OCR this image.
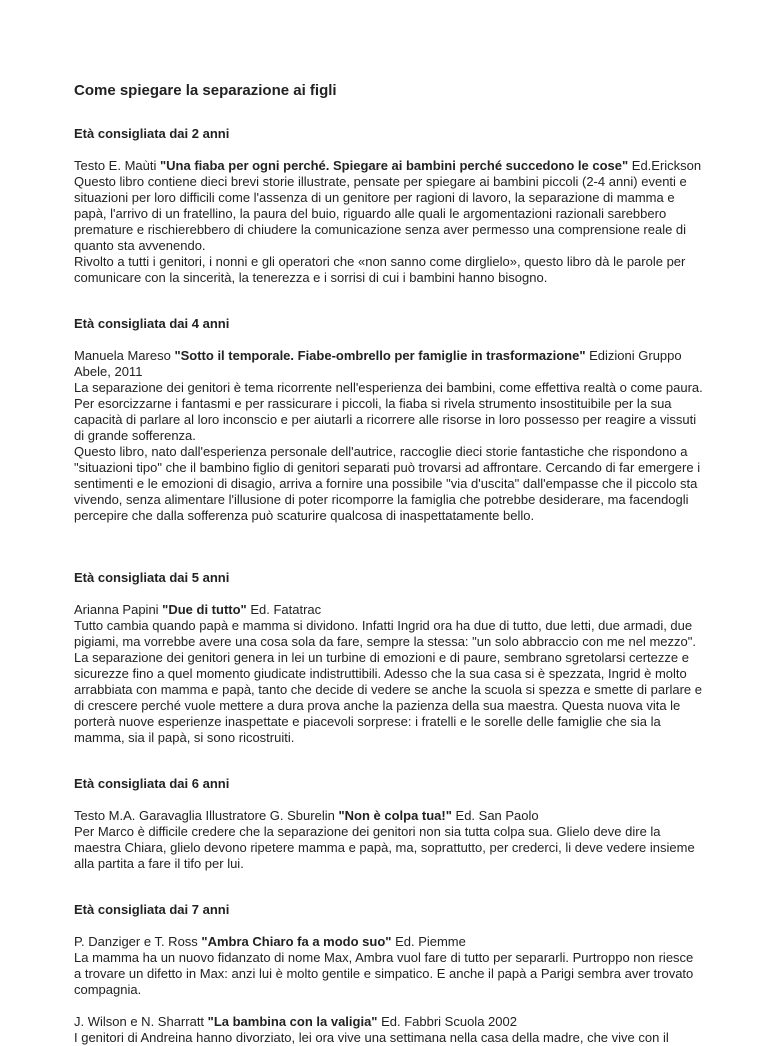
Come spiegare la separazione ai figli
Età consigliata dai 2 anni
Testo E. Maùti "Una fiaba per ogni perché. Spiegare ai bambini perché succedono le cose" Ed.Erickson
Questo libro contiene dieci brevi storie illustrate, pensate per spiegare ai bambini piccoli (2-4 anni) eventi e situazioni per loro difficili come l'assenza di un genitore per ragioni di lavoro, la separazione di mamma e papà, l'arrivo di un fratellino, la paura del buio, riguardo alle quali le argomentazioni razionali sarebbero premature e rischierebbero di chiudere la comunicazione senza aver permesso una comprensione reale di quanto sta avvenendo.
Rivolto a tutti i genitori, i nonni e gli operatori che «non sanno come dirglielo», questo libro dà le parole per comunicare con la sincerità, la tenerezza e i sorrisi di cui i bambini hanno bisogno.
Età consigliata dai 4 anni
Manuela Mareso "Sotto il temporale. Fiabe-ombrello per famiglie in trasformazione" Edizioni Gruppo Abele, 2011
La separazione dei genitori è tema ricorrente nell'esperienza dei bambini, come effettiva realtà o come paura. Per esorcizzarne i fantasmi e per rassicurare i piccoli, la fiaba si rivela strumento insostituibile per la sua capacità di parlare al loro inconscio e per aiutarli a ricorrere alle risorse in loro possesso per reagire a vissuti di grande sofferenza.
Questo libro, nato dall'esperienza personale dell'autrice, raccoglie dieci storie fantastiche che rispondono a "situazioni tipo" che il bambino figlio di genitori separati può trovarsi ad affrontare. Cercando di far emergere i sentimenti e le emozioni di disagio, arriva a fornire una possibile "via d'uscita" dall'empasse che il piccolo sta vivendo, senza alimentare l'illusione di poter ricomporre la famiglia che potrebbe desiderare, ma facendogli percepire che dalla sofferenza può scaturire qualcosa di inaspettatamente bello.
Età consigliata dai 5 anni
Arianna Papini "Due di tutto" Ed. Fatatrac
Tutto cambia quando papà e mamma si dividono. Infatti Ingrid ora ha due di tutto, due letti, due armadi, due pigiami, ma vorrebbe avere una cosa sola da fare, sempre la stessa: "un solo abbraccio con me nel mezzo". La separazione dei genitori genera in lei un turbine di emozioni e di paure, sembrano sgretolarsi certezze e sicurezze fino a quel momento giudicate indistruttibili. Adesso che la sua casa si è spezzata, Ingrid è molto arrabbiata con mamma e papà, tanto che decide di vedere se anche la scuola si spezza e smette di parlare e di crescere perché vuole mettere a dura prova anche la pazienza della sua maestra. Questa nuova vita le porterà nuove esperienze inaspettate e piacevoli sorprese: i fratelli e le sorelle delle famiglie che sia la mamma, sia il papà, si sono ricostruiti.
Età consigliata dai 6 anni
Testo M.A. Garavaglia Illustratore G. Sburelin "Non è colpa tua!" Ed. San Paolo
Per Marco è difficile credere che la separazione dei genitori non sia tutta colpa sua. Glielo deve dire la maestra Chiara, glielo devono ripetere mamma e papà, ma, soprattutto, per crederci, li deve vedere insieme alla partita a fare il tifo per lui.
Età consigliata dai 7 anni
P. Danziger e T. Ross "Ambra Chiaro fa a modo suo" Ed. Piemme
La mamma ha un nuovo fidanzato di nome Max, Ambra vuol fare di tutto per separarli. Purtroppo non riesce a trovare un difetto in Max: anzi lui è molto gentile e simpatico. E anche il papà a Parigi sembra aver trovato compagnia.
J. Wilson e N. Sharratt "La bambina con la valigia" Ed. Fabbri Scuola 2002
I genitori di Andreina hanno divorziato, lei ora vive una settimana nella casa della madre, che vive con il
